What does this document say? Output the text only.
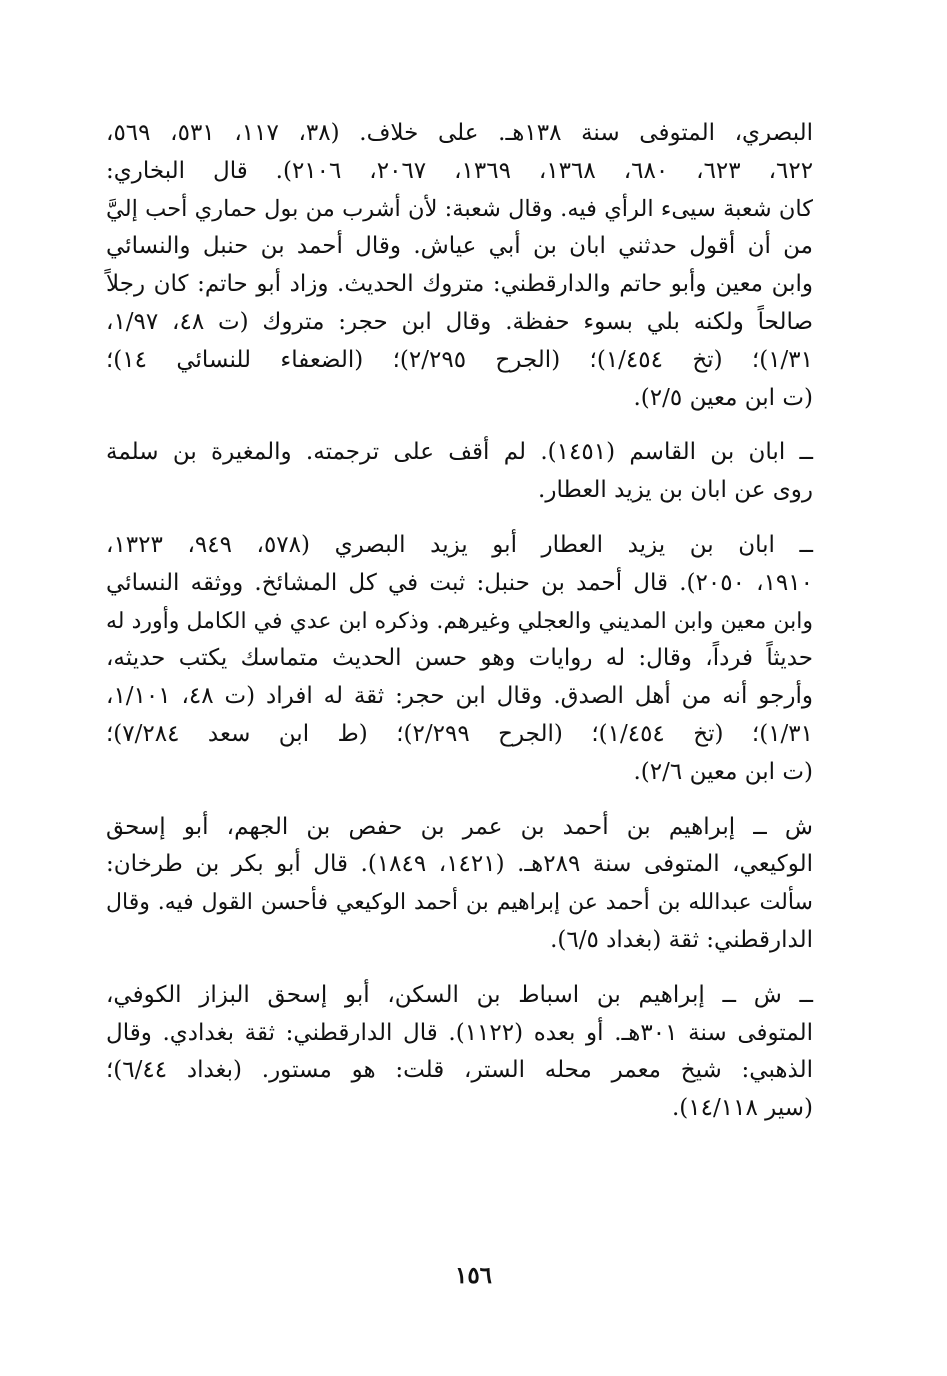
البصري، المتوفى سنة ١٣٨هـ. على خلاف. (٣٨، ١١٧، ٥٣١، ٥٦٩،
٦٢٢، ٦٢٣، ٦٨٠، ١٣٦٨، ١٣٦٩، ٢٠٦٧، ٢١٠٦). قال البخاري:
كان شعبة سيىء الرأي فيه. وقال شعبة: لأن أشرب من بول حماري أحب إليَّ
من أن أقول حدثني ابان بن أبي عياش. وقال أحمد بن حنبل والنسائي
وابن معين وأبو حاتم والدارقطني: متروك الحديث. وزاد أبو حاتم: كان رجلاً
صالحاً ولكنه بلي بسوء حفظة. وقال ابن حجر: متروك (ت ٤٨، ١/٩٧،
١/٣١)؛ (تخ ١/٤٥٤)؛ (الجرح ٢/٢٩٥)؛ (الضعفاء للنسائي ١٤)؛
(ت ابن معين ٢/٥).
ــ ابان بن القاسم (١٤٥١). لم أقف على ترجمته. والمغيرة بن سلمة
روى عن ابان بن يزيد العطار.
ــ ابان بن يزيد العطار أبو يزيد البصري (٥٧٨، ٩٤٩، ١٣٢٣،
١٩١٠، ٢٠٥٠). قال أحمد بن حنبل: ثبت في كل المشائخ. ووثقه النسائي
وابن معين وابن المديني والعجلي وغيرهم. وذكره ابن عدي في الكامل وأورد له
حديثاً فرداً، وقال: له روايات وهو حسن الحديث متماسك يكتب حديثه،
وأرجو أنه من أهل الصدق. وقال ابن حجر: ثقة له افراد (ت ٤٨، ١/١٠١،
١/٣١)؛ (تخ ١/٤٥٤)؛ (الجرح ٢/٢٩٩)؛ (ط ابن سعد ٧/٢٨٤)؛
(ت ابن معين ٢/٦).
ش ــ إبراهيم بن أحمد بن عمر بن حفص بن الجهم، أبو إسحق
الوكيعي، المتوفى سنة ٢٨٩هـ. (١٤٢١، ١٨٤٩). قال أبو بكر بن طرخان:
سألت عبدالله بن أحمد عن إبراهيم بن أحمد الوكيعي فأحسن القول فيه. وقال
الدارقطني: ثقة (بغداد ٦/٥).
ــ ش ــ إبراهيم بن اسباط بن السكن، أبو إسحق البزاز الكوفي،
المتوفى سنة ٣٠١هـ. أو بعده (١١٢٢). قال الدارقطني: ثقة بغدادي. وقال
الذهبي: شيخ معمر محله الستر، قلت: هو مستور. (بغداد ٦/٤٤)؛
(سير ١٤/١١٨).
١٥٦
